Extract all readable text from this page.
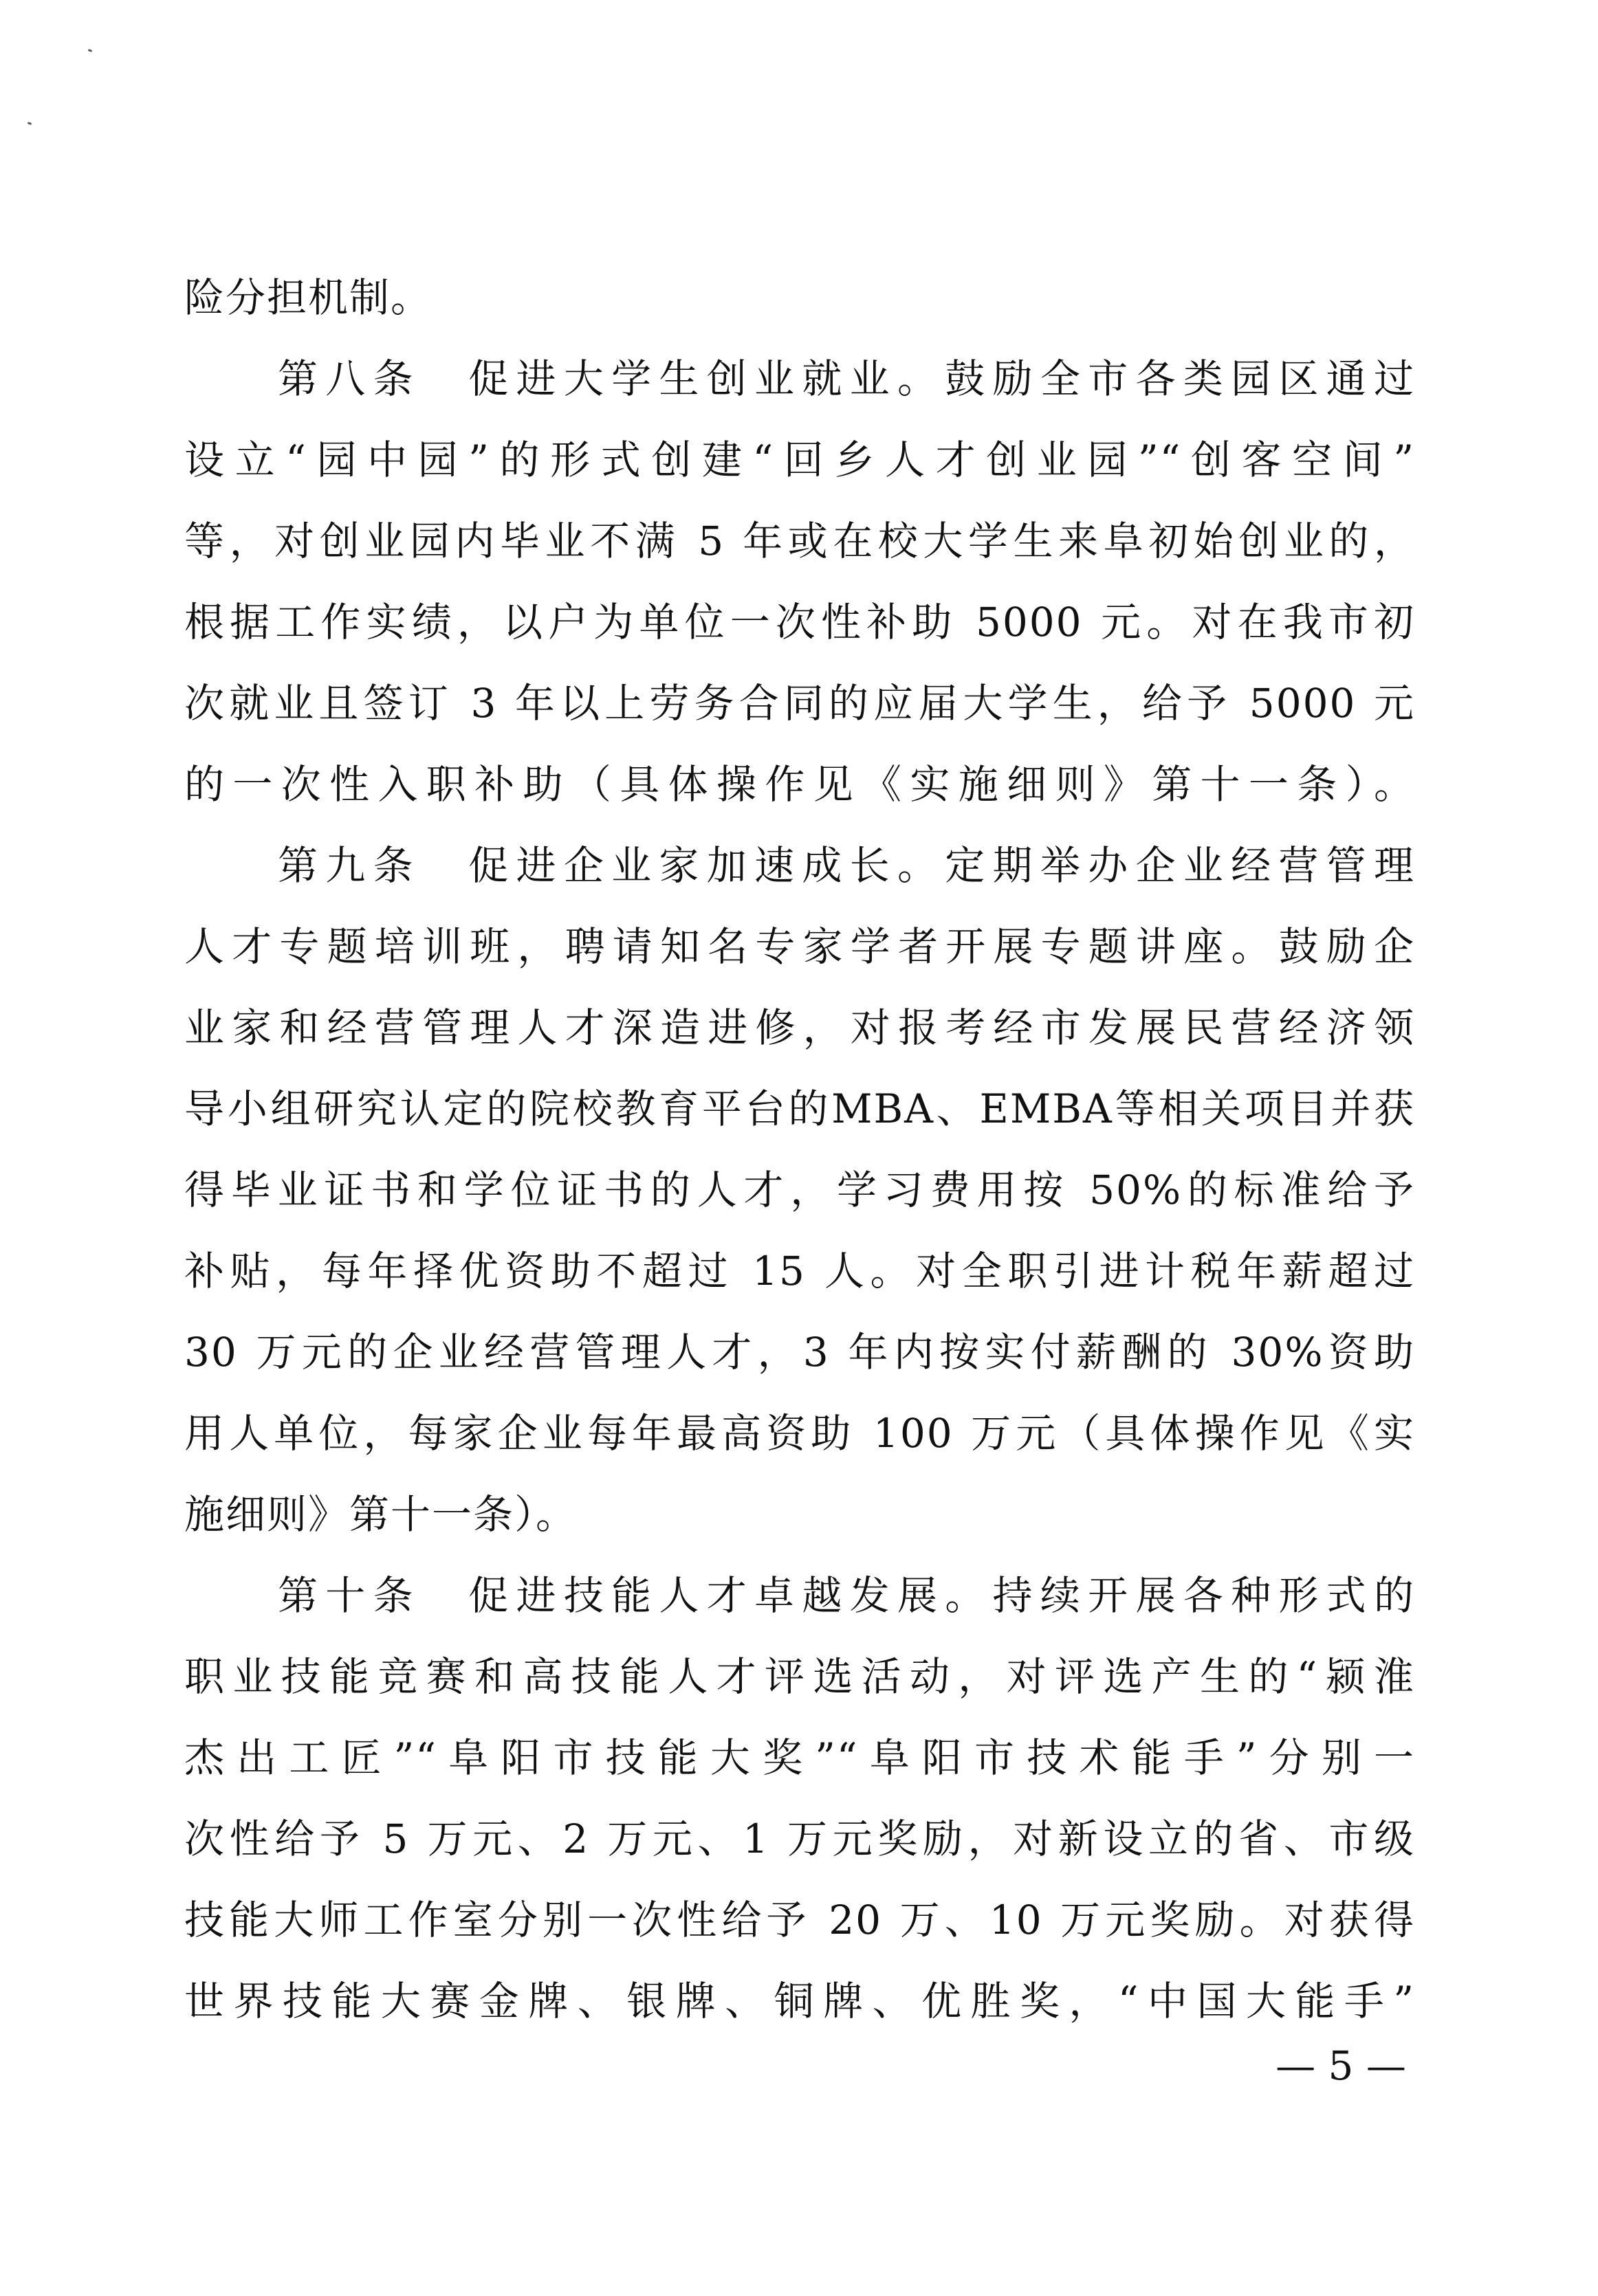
险分担机制。
第八条　促进大学生创业就业。鼓励全市各类园区通过
设立“园中园”的形式创建“回乡人才创业园”“创客空间”
等，对创业园内毕业不满 5 年或在校大学生来阜初始创业的，
根据工作实绩，以户为单位一次性补助 5000 元。对在我市初
次就业且签订 3 年以上劳务合同的应届大学生，给予 5000 元
的一次性入职补助（具体操作见《实施细则》第十一条）。
第九条　促进企业家加速成长。定期举办企业经营管理
人才专题培训班，聘请知名专家学者开展专题讲座。鼓励企
业家和经营管理人才深造进修，对报考经市发展民营经济领
导小组研究认定的院校教育平台的MBA、EMBA等相关项目并获
得毕业证书和学位证书的人才，学习费用按 50%的标准给予
补贴，每年择优资助不超过 15 人。对全职引进计税年薪超过
30 万元的企业经营管理人才，3 年内按实付薪酬的 30%资助
用人单位，每家企业每年最高资助 100 万元（具体操作见《实
施细则》第十一条）。
第十条　促进技能人才卓越发展。持续开展各种形式的
职业技能竞赛和高技能人才评选活动，对评选产生的“颍淮
杰出工匠”“阜阳市技能大奖”“阜阳市技术能手”分别一
次性给予 5 万元、2 万元、1 万元奖励，对新设立的省、市级
技能大师工作室分别一次性给予 20 万、10 万元奖励。对获得
世界技能大赛金牌、银牌、铜牌、优胜奖，“中国大能手”
— 5 —
